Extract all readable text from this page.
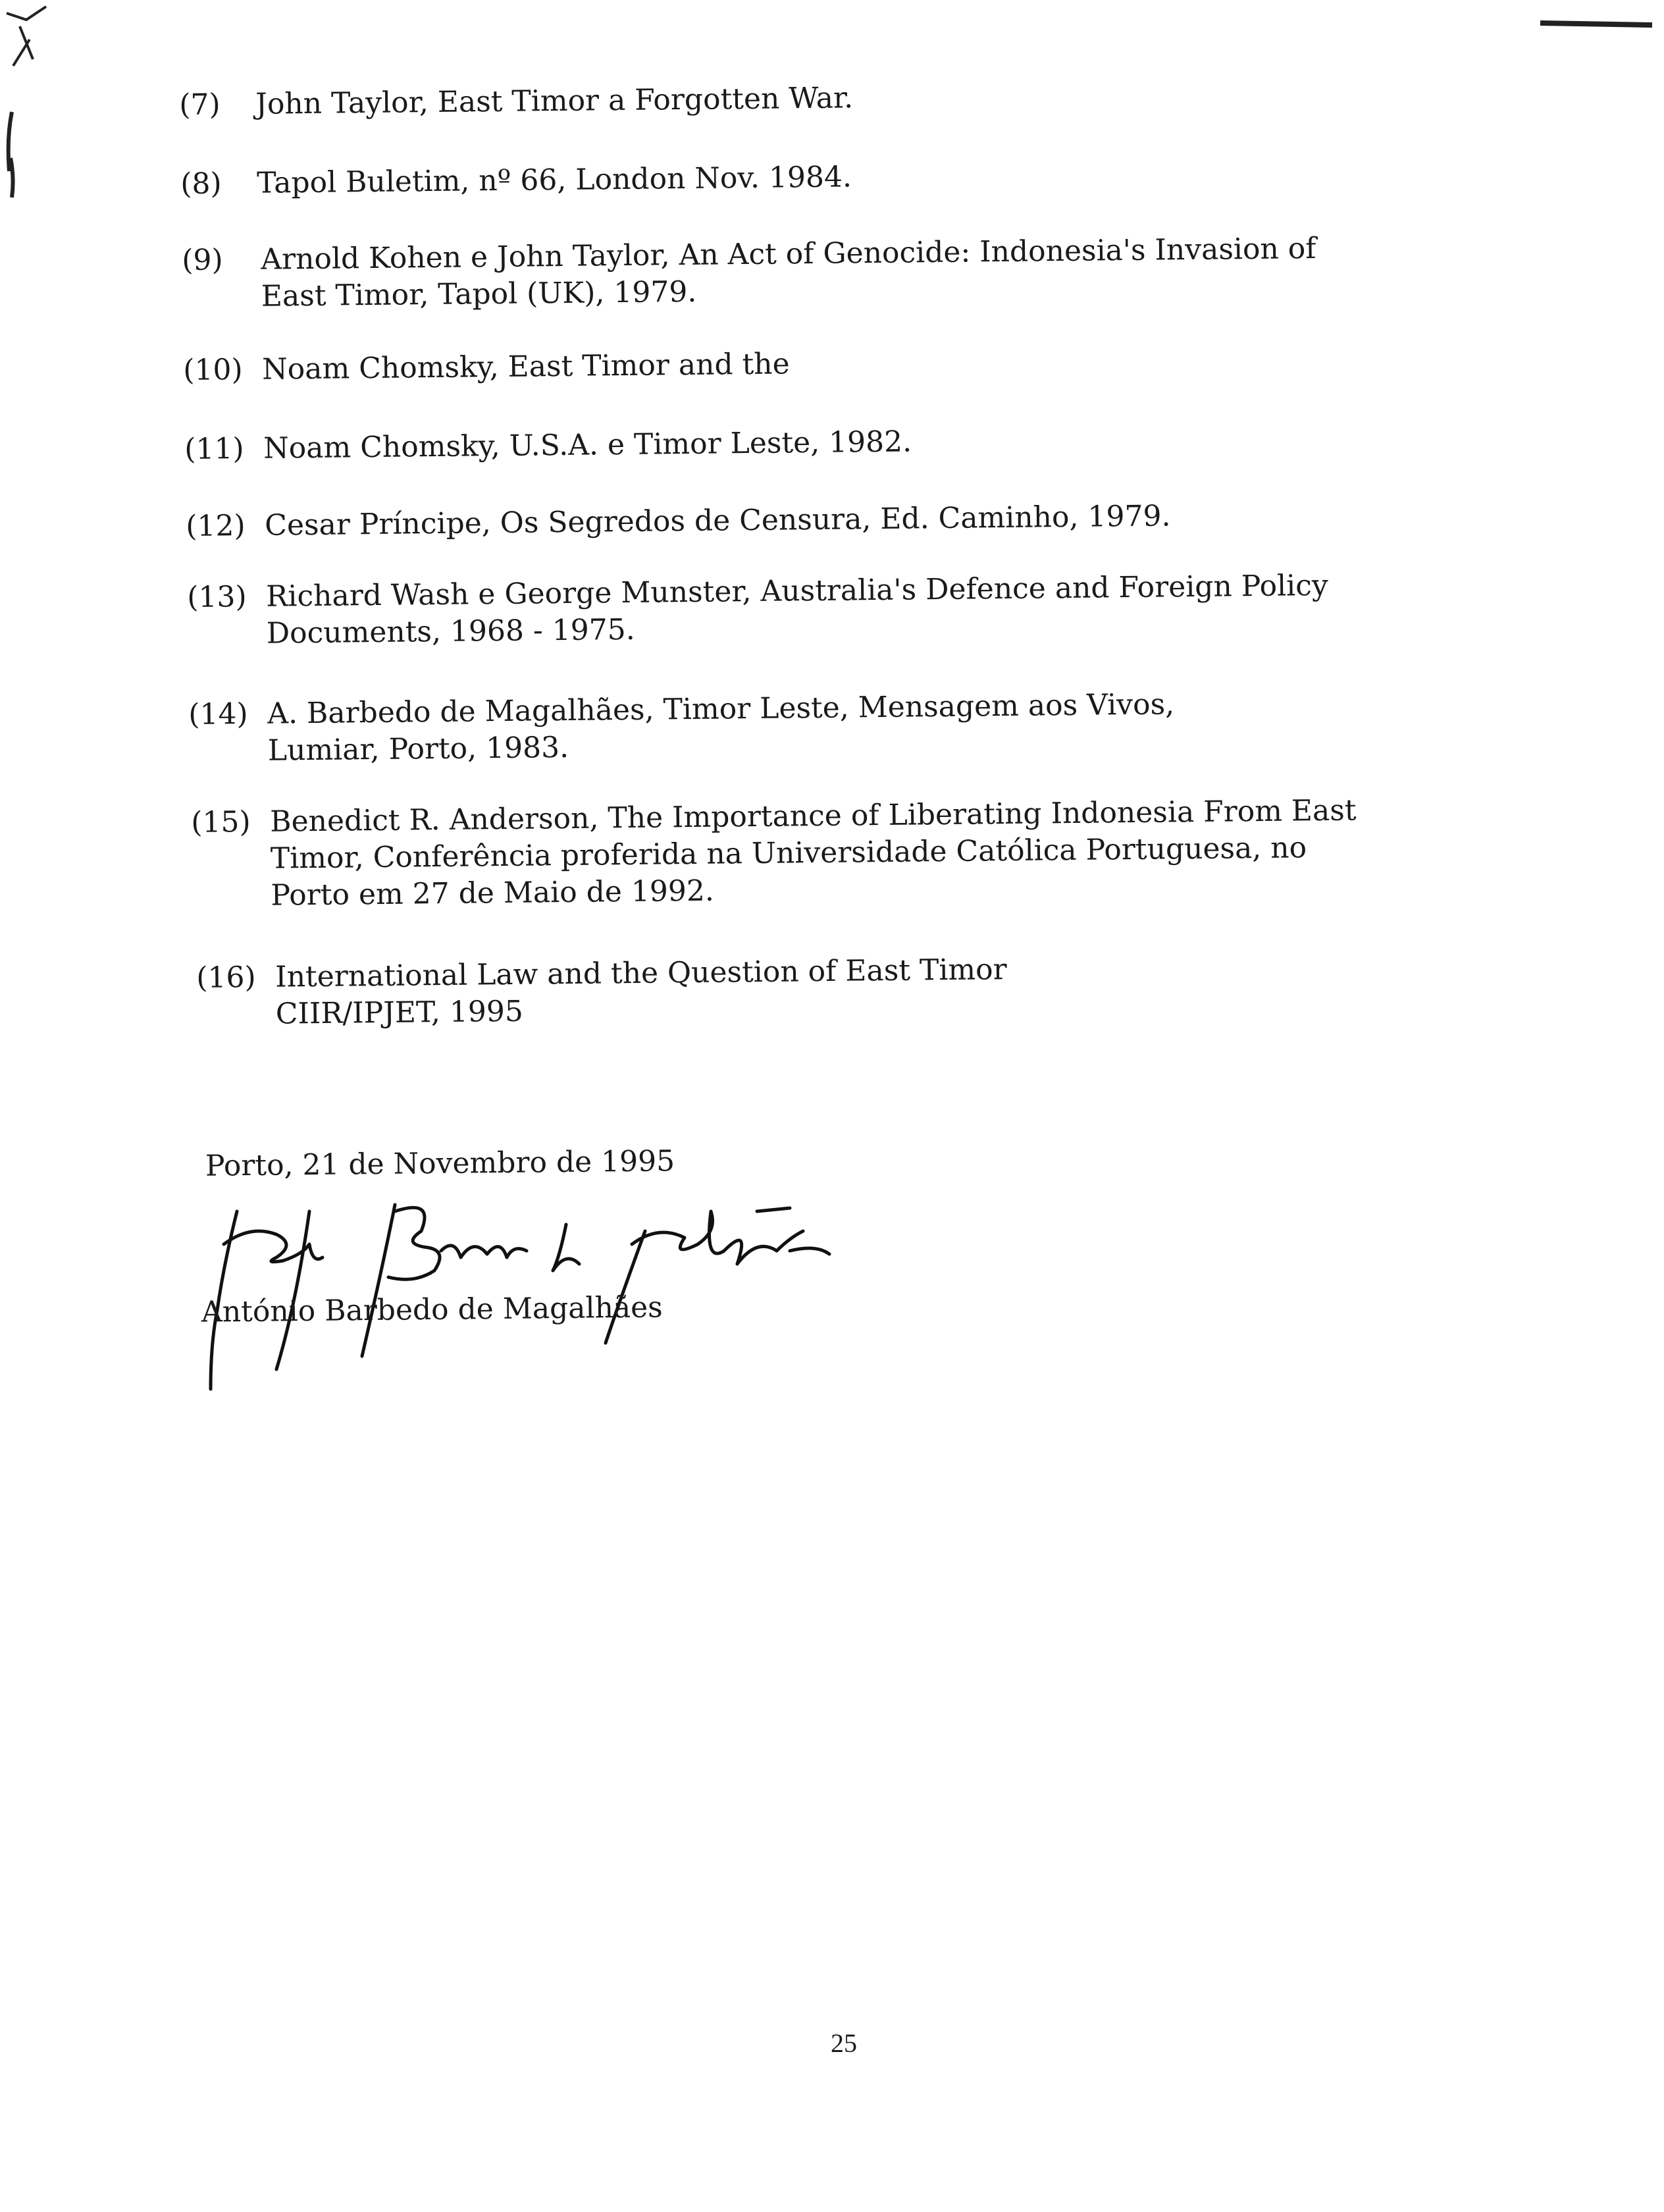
(7) John Taylor, East Timor a Forgotten War.
(8) Tapol Buletim, nº 66, London Nov. 1984.
(9) Arnold Kohen e John Taylor, An Act of Genocide: Indonesia's Invasion of
East Timor, Tapol (UK), 1979.
(10) Noam Chomsky, East Timor and the
(11) Noam Chomsky, U.S.A. e Timor Leste, 1982.
(12) Cesar Príncipe, Os Segredos de Censura, Ed. Caminho, 1979.
(13) Richard Wash e George Munster, Australia's Defence and Foreign Policy
Documents, 1968 - 1975.
(14) A. Barbedo de Magalhães, Timor Leste, Mensagem aos Vivos,
Lumiar, Porto, 1983.
(15) Benedict R. Anderson, The Importance of Liberating Indonesia From East
Timor, Conferência proferida na Universidade Católica Portuguesa, no
Porto em 27 de Maio de 1992.
(16) International Law and the Question of East Timor
CIIR/IPJET, 1995
Porto, 21 de Novembro de 1995
António Barbedo de Magalhães
25
